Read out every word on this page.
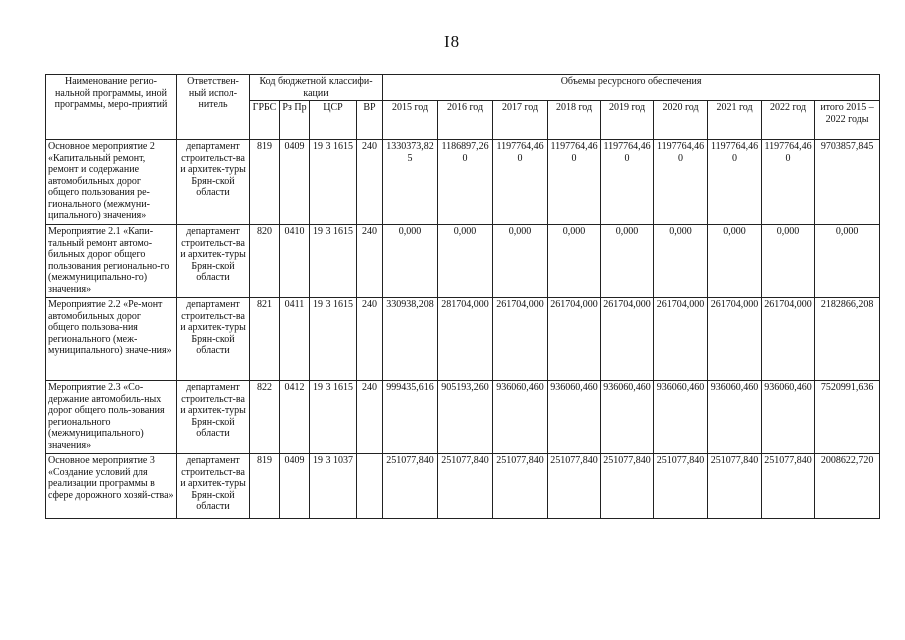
I8
Наименование регио-нальной программы, иной программы, меро-приятий	Ответствен-ный испол-нитель	Код бюджетной классифи-кации				Объемы ресурсного обеспечения								
		ГРБС	Рз Пр	ЦСР	ВР	2015 год	2016 год	2017 год	2018 год	2019 год	2020 год	2021 год	2022 год	итого 2015 – 2022 годы
Основное мероприятие 2 «Капитальный ремонт, ремонт и содержание автомобильных дорог общего пользования ре-гионального (межмуни-ципального) значения»	департамент строительст-ва и архитек-туры Брян-ской области	819	0409	19 3 1615	240	1330373,825	1186897,260	1197764,460	1197764,460	1197764,460	1197764,460	1197764,460	1197764,460	9703857,845
Мероприятие 2.1 «Капи-тальный ремонт автомо-бильных дорог общего пользования регионально-го (межмуниципально-го) значения»	департамент строительст-ва и архитек-туры Брян-ской области	820	0410	19 3 1615	240	0,000	0,000	0,000	0,000	0,000	0,000	0,000	0,000	0,000
Мероприятие 2.2 «Ре-монт автомобильных дорог общего пользова-ния регионального (меж-муниципального) значе-ния»	департамент строительст-ва и архитек-туры Брян-ской области	821	0411	19 3 1615	240	330938,208	281704,000	261704,000	261704,000	261704,000	261704,000	261704,000	261704,000	2182866,208
Мероприятие 2.3 «Со-держание автомобиль-ных дорог общего поль-зования регионального (межмуниципального) значения»	департамент строительст-ва и архитек-туры Брян-ской области	822	0412	19 3 1615	240	999435,616	905193,260	936060,460	936060,460	936060,460	936060,460	936060,460	936060,460	7520991,636
Основное мероприятие 3 «Создание условий для реализации программы в сфере дорожного хозяй-ства»	департамент строительст-ва и архитек-туры Брян-ской области	819	0409	19 3 1037		251077,840	251077,840	251077,840	251077,840	251077,840	251077,840	251077,840	251077,840	2008622,720
